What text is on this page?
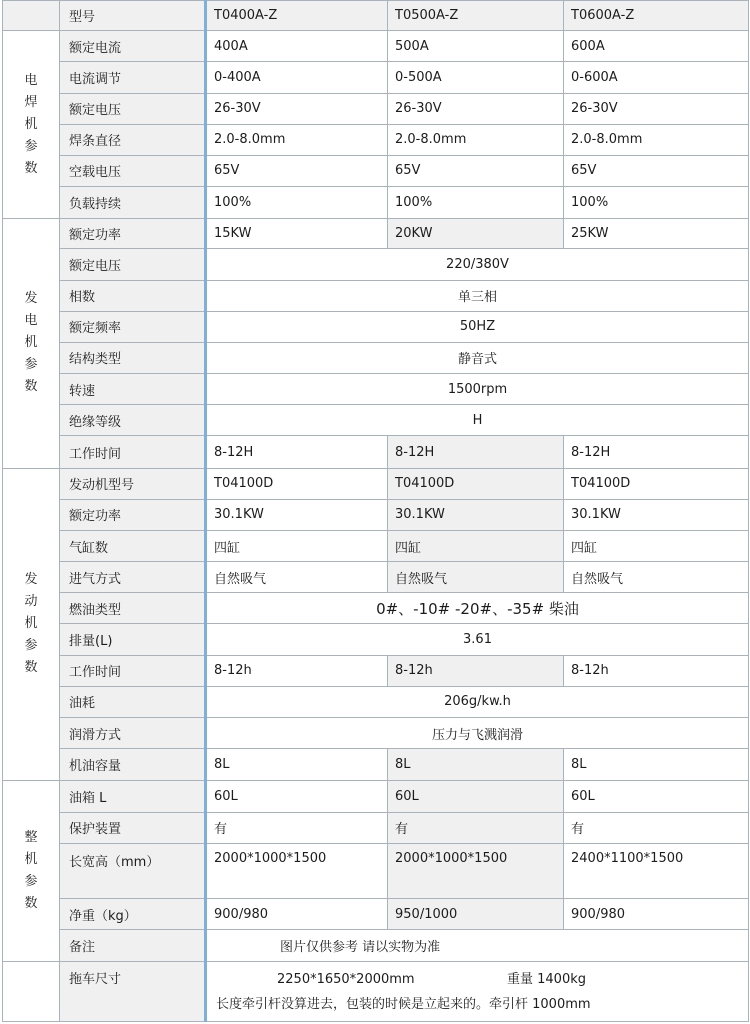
	型号	T0400A-Z	T0500A-Z	T0600A-Z
电焊机参数	额定电流	400A	500A	600A
	电流调节	0-400A	0-500A	0-600A
	额定电压	26-30V	26-30V	26-30V
	焊条直径	2.0-8.0mm	2.0-8.0mm	2.0-8.0mm
	空载电压	65V	65V	65V
	负载持续	100%	100%	100%
发电机参数	额定功率	15KW	20KW	25KW
	额定电压	220/380V		
	相数	单三相		
	额定频率	50HZ		
	结构类型	静音式		
	转速	1500rpm		
	绝缘等级	H		
	工作时间	8-12H	8-12H	8-12H
发动机参数	发动机型号	T04100D	T04100D	T04100D
	额定功率	30.1KW	30.1KW	30.1KW
	气缸数	四缸	四缸	四缸
	进气方式	自然吸气	自然吸气	自然吸气
	燃油类型	0#、-10# -20#、-35# 柴油		
	排量(L)	3.61		
	工作时间	8-12h	8-12h	8-12h
	油耗	206g/kw.h		
	润滑方式	压力与飞溅润滑		
	机油容量	8L	8L	8L
整机参数	油箱 L	60L	60L	60L
	保护装置	有	有	有
	长宽高（mm）	2000*1000*1500	2000*1000*1500	2400*1100*1500
	净重（kg）	900/980	950/1000	900/980
	备注	图片仅供参考 请以实物为准		
	拖车尺寸	2250*1650*2000mm 重量 1400kg
长度牵引杆没算进去，包装的时候是立起来的。牵引杆 1000mm		
